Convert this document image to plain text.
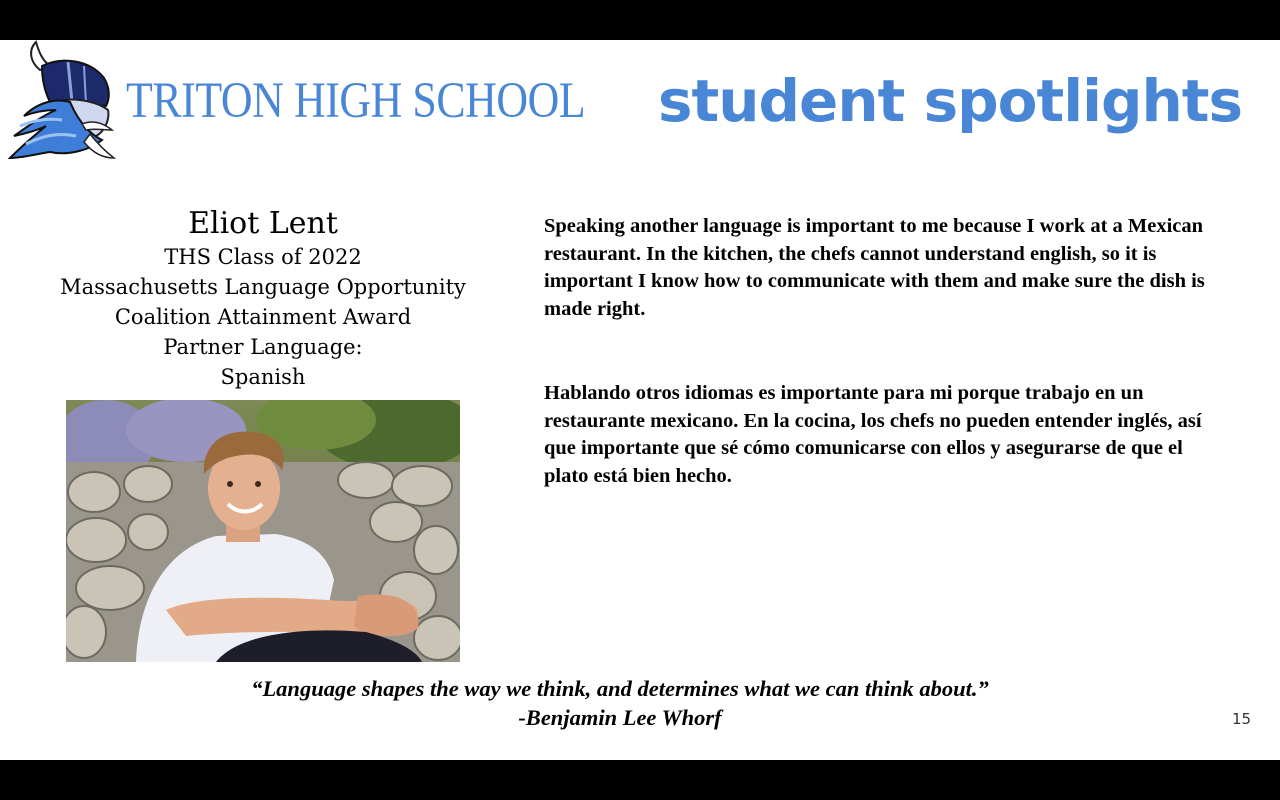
TRITON HIGH SCHOOL student spotlights

Eliot Lent

THS Class of 2022

Massachusetts Language Opportunity

Coalition Attainment Award

Partner Language:

Spanish

Speaking another language is important to me because I work at a Mexican restaurant. In the kitchen, the chefs cannot understand english, so it is important I know how to communicate with them and make sure the dish is made right.

Hablando otros idiomas es importante para mi porque trabajo en un restaurante mexicano. En la cocina, los chefs no pueden entender inglés, así que importante que sé cómo comunicarse con ellos y asegurarse de que el plato está bien hecho.

“Language shapes the way we think, and determines what we can think about.”
-Benjamin Lee Whorf	15
